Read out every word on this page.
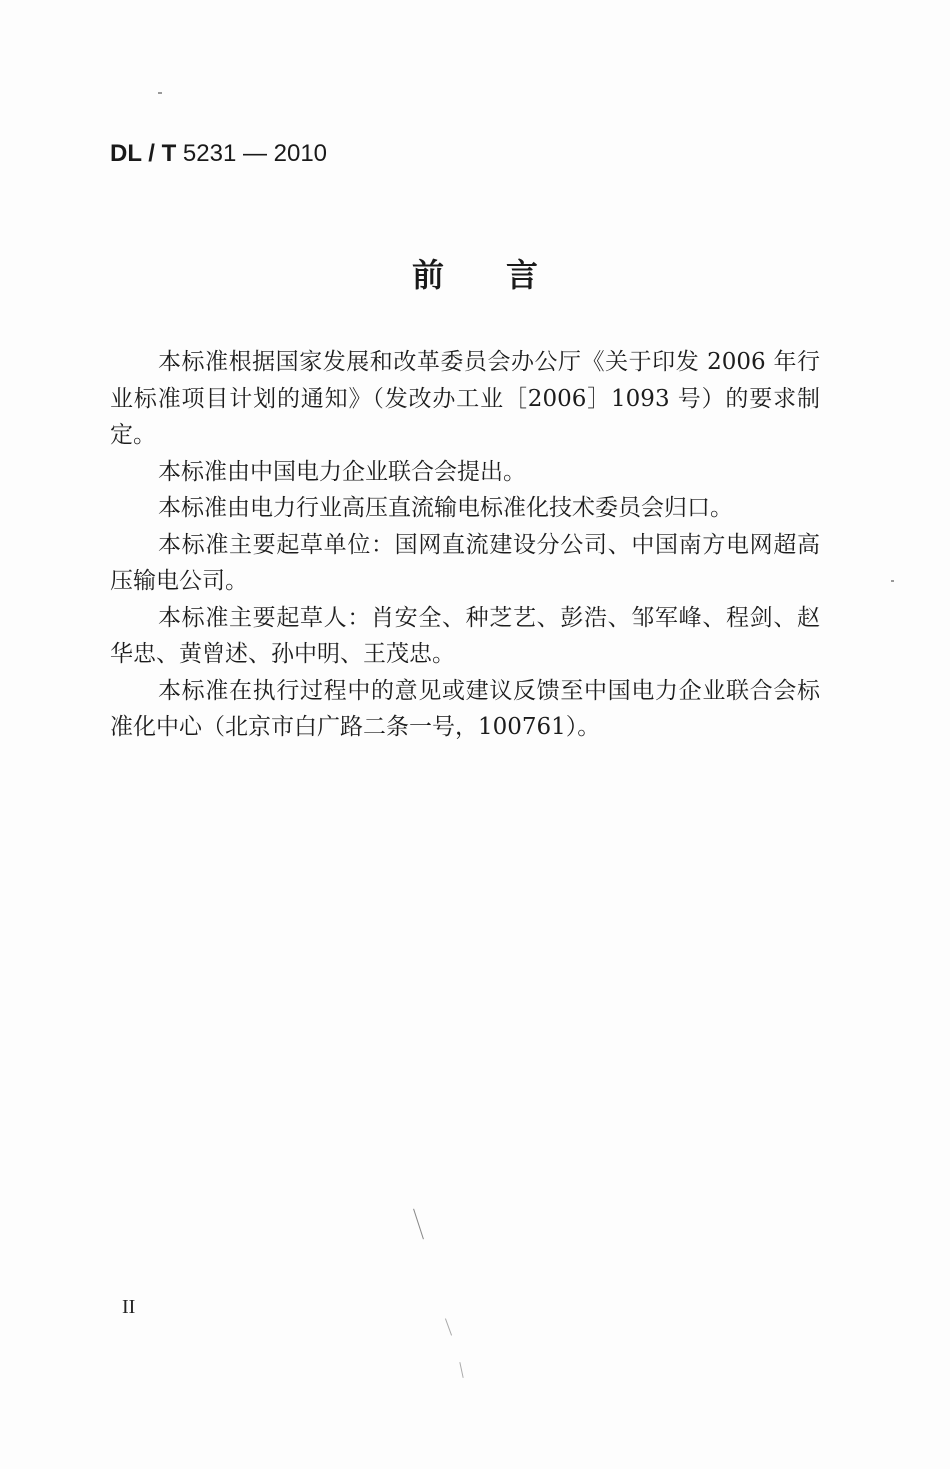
DL / T 5231 — 2010
前言

本标准根据国家发展和改革委员会办公厅《关于印发 2006 年行业标准项目计划的通知》（发改办工业［2006］1093 号）的要求制定。

本标准由中国电力企业联合会提出。

本标准由电力行业高压直流输电标准化技术委员会归口。

本标准主要起草单位：国网直流建设分公司、中国南方电网超高压输电公司。

本标准主要起草人：肖安全、种芝艺、彭浩、邹军峰、程剑、赵华忠、黄曾述、孙中明、王茂忠。

本标准在执行过程中的意见或建议反馈至中国电力企业联合会标准化中心（北京市白广路二条一号，100761）。

II
